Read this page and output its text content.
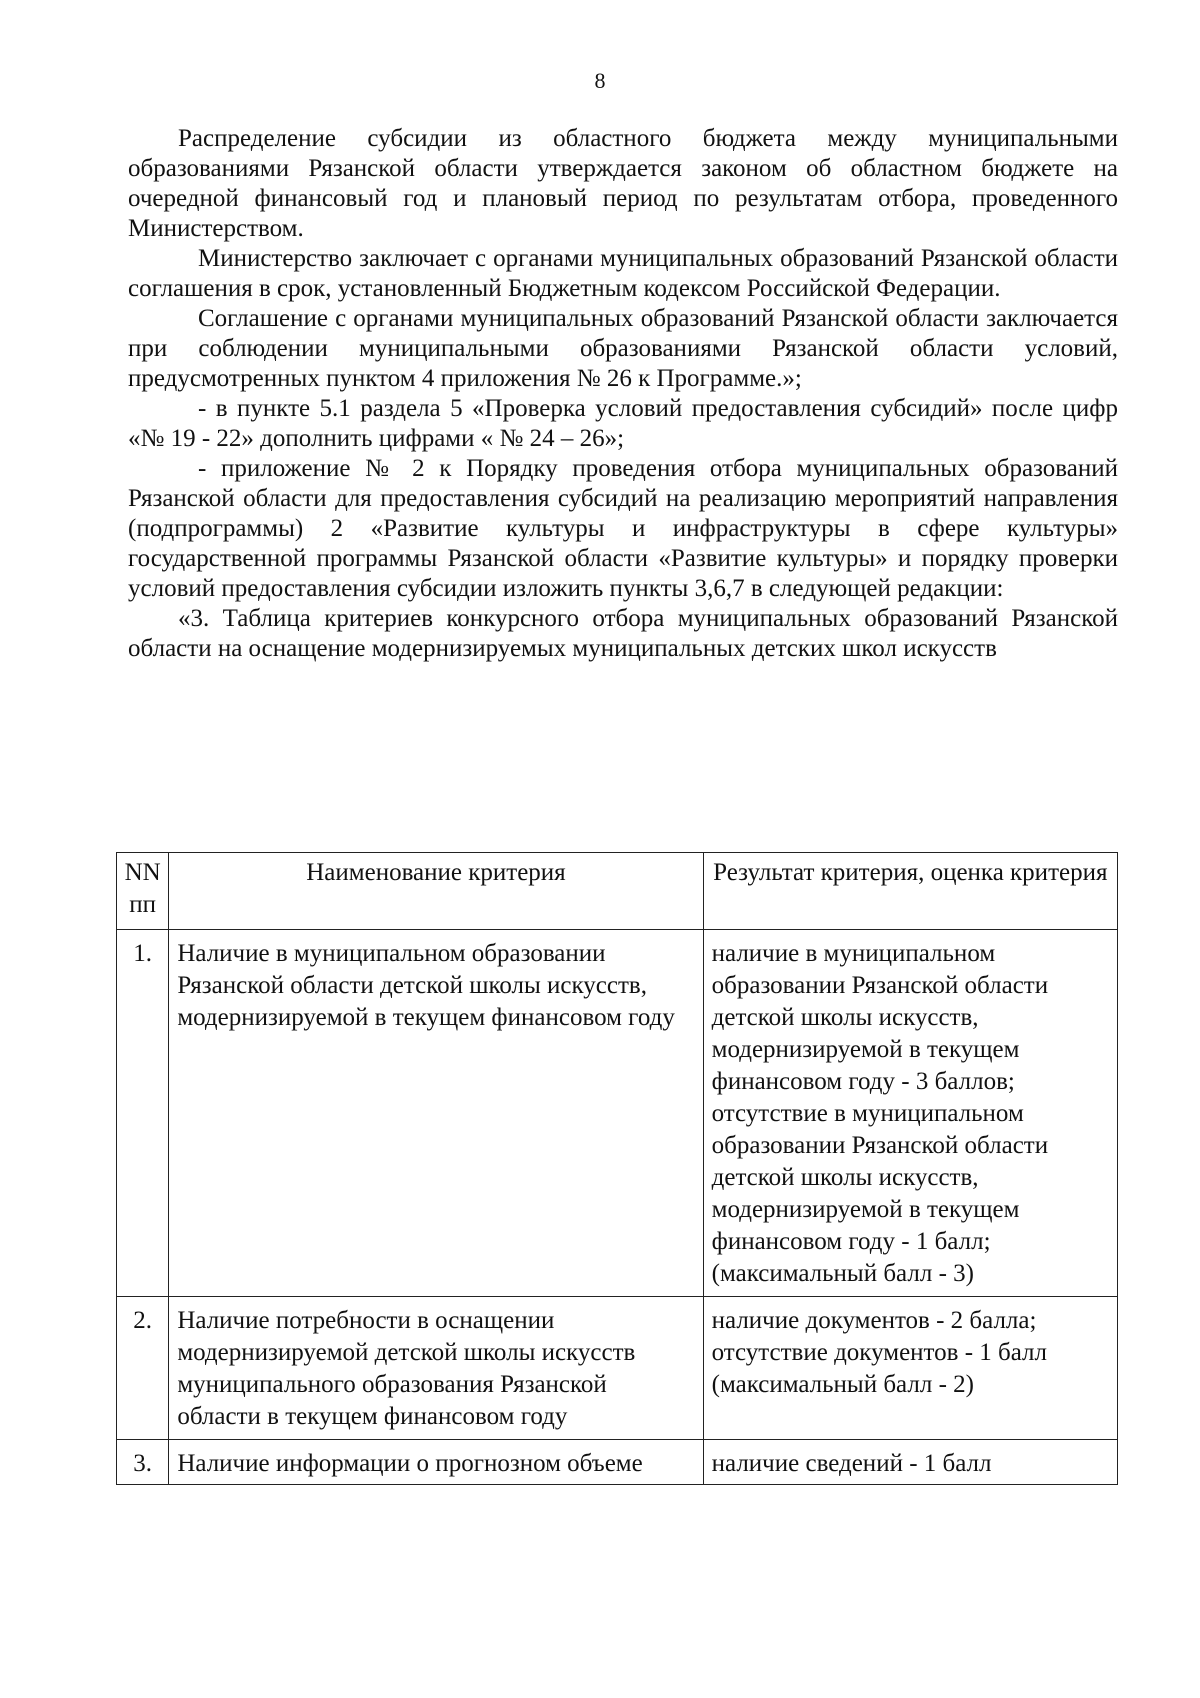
8

Распределение субсидии из областного бюджета между муниципальными образованиями Рязанской области утверждается законом об областном бюджете на очередной финансовый год и плановый период по результатам отбора, проведенного Министерством.

Министерство заключает с органами муниципальных образований Рязанской области соглашения в срок, установленный Бюджетным кодексом Российской Федерации.

Соглашение с органами муниципальных образований Рязанской области заключается при соблюдении муниципальными образованиями Рязанской области условий, предусмотренных пунктом 4 приложения № 26 к Программе.»;

- в пункте 5.1 раздела 5 «Проверка условий предоставления субсидий» после цифр «№ 19 - 22» дополнить цифрами « № 24 – 26»;

- приложение № 2 к Порядку проведения отбора муниципальных образований Рязанской области для предоставления субсидий на реализацию мероприятий направления (подпрограммы) 2 «Развитие культуры и инфраструктуры в сфере культуры» государственной программы Рязанской области «Развитие культуры» и порядку проверки условий предоставления субсидии изложить пункты 3,6,7 в следующей редакции:

«3. Таблица критериев конкурсного отбора муниципальных образований Рязанской области на оснащение модернизируемых муниципальных детских школ искусств

NN пп	Наименование критерия	Результат критерия, оценка критерия
1.	Наличие в муниципальном образовании Рязанской области детской школы искусств, модернизируемой в текущем финансовом году	наличие в муниципальном образовании Рязанской области детской школы искусств, модернизируемой в текущем финансовом году - 3 баллов;
отсутствие в муниципальном образовании Рязанской области детской школы искусств, модернизируемой в текущем финансовом году - 1 балл;
(максимальный балл - 3)

2.	Наличие потребности в оснащении модернизируемой детской школы искусств муниципального образования Рязанской области в текущем финансовом году	наличие документов - 2 балла;
отсутствие документов - 1 балл
(максимальный балл - 2)

3.	Наличие информации о прогнозном объеме	наличие сведений - 1 балл
